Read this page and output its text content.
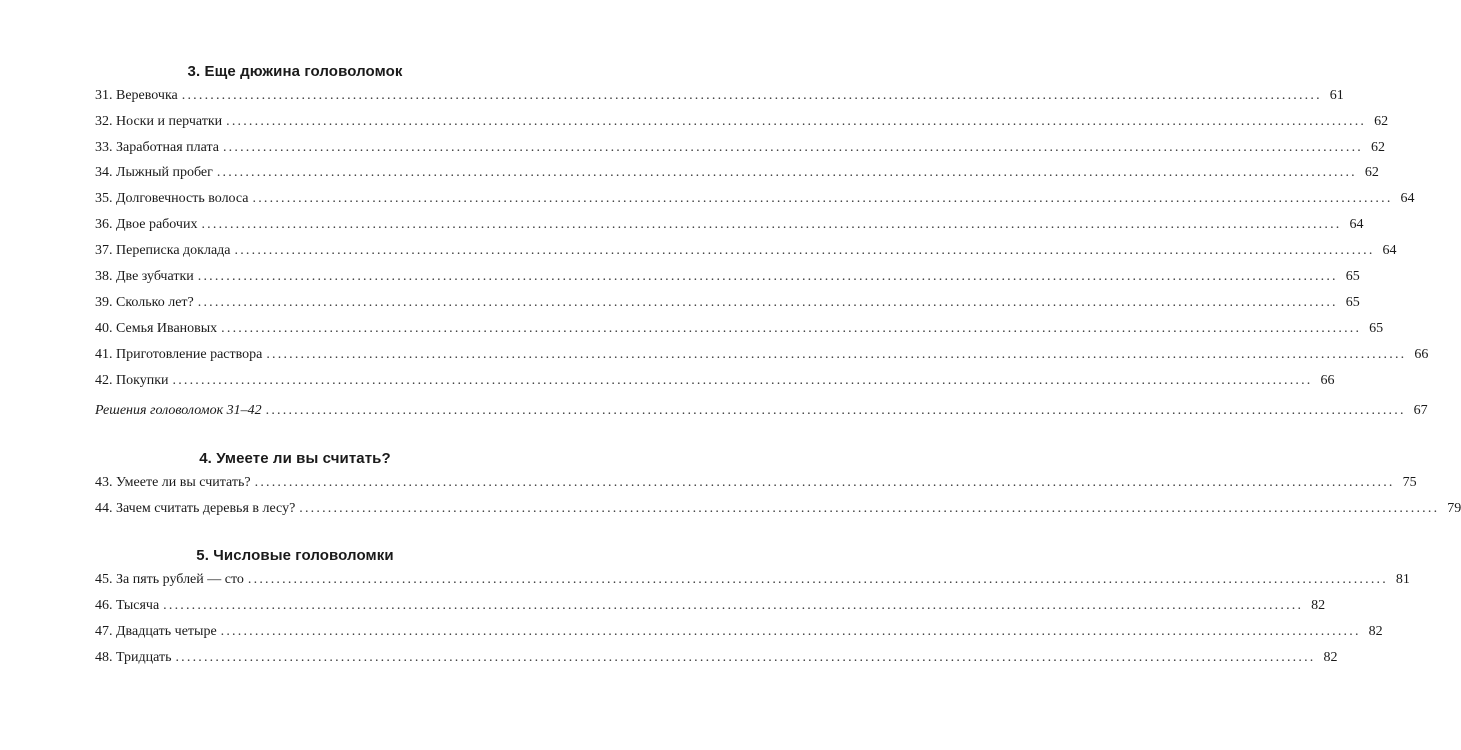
3. Еще дюжина головоломок
31. Веревочка ........................................................................................................................................................................................................ 61
32. Носки и перчатки ........................................................................................................................................................................................................ 62
33. Заработная плата ........................................................................................................................................................................................................ 62
34. Лыжный пробег ........................................................................................................................................................................................................ 62
35. Долговечность волоса ........................................................................................................................................................................................................ 64
36. Двое рабочих ........................................................................................................................................................................................................ 64
37. Переписка доклада ........................................................................................................................................................................................................ 64
38. Две зубчатки ........................................................................................................................................................................................................ 65
39. Сколько лет? ........................................................................................................................................................................................................ 65
40. Семья Ивановых ........................................................................................................................................................................................................ 65
41. Приготовление раствора ........................................................................................................................................................................................................ 66
42. Покупки ........................................................................................................................................................................................................ 66
Решения головоломок 31–42 ........................................................................................................................................................................................................ 67
4. Умеете ли вы считать?
43. Умеете ли вы считать? ........................................................................................................................................................................................................ 75
44. Зачем считать деревья в лесу? ........................................................................................................................................................................................................ 79
5. Числовые головоломки
45. За пять рублей — сто ........................................................................................................................................................................................................ 81
46. Тысяча ........................................................................................................................................................................................................ 82
47. Двадцать четыре ........................................................................................................................................................................................................ 82
48. Тридцать ........................................................................................................................................................................................................ 82
